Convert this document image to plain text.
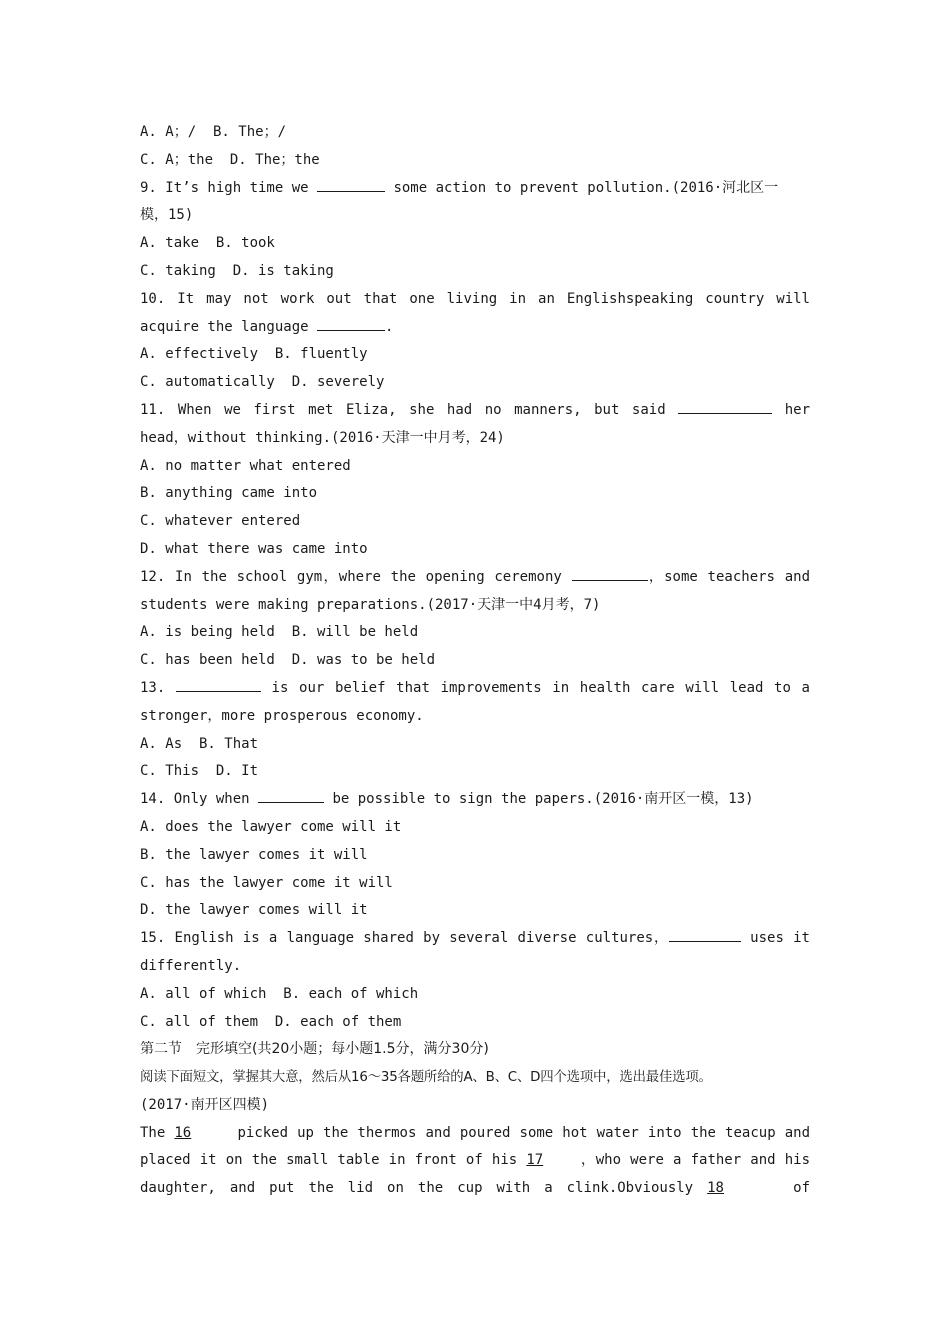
A. A；/  B. The；/
C. A；the  D. The；the
9. It’s high time we	some action to prevent pollution.(2016·河北区一
模，15)
A. take  B. took
C. taking  D. is taking
10. It may not work out that one living in an Englishspeaking country will
acquire the language	.
A. effectively  B. fluently
C. automatically  D. severely
11. When we first met Eliza, she had no manners, but said	her
head，without thinking.(2016·天津一中月考，24)
A. no matter what entered
B. anything came into
C. whatever entered
D. what there was came into
12. In the school gym，where the opening ceremony	，some teachers and
students were making preparations.(2017·天津一中4月考，7)
A. is being held  B. will be held
C. has been held  D. was to be held
13.	is our belief that improvements in health care will lead to a
stronger，more prosperous economy.
A. As  B. That
C. This  D. It
14. Only when	be possible to sign the papers.(2016·南开区一模，13)
A. does the lawyer come will it
B. the lawyer comes it will
C. has the lawyer come it will
D. the lawyer comes will it
15. English is a language shared by several diverse cultures，	uses it
differently.
A. all of which  B. each of which
C. all of them  D. each of them
第二节　完形填空(共20小题；每小题1.5分，满分30分)
阅读下面短文，掌握其大意，然后从16～35各题所给的A、B、C、D四个选项中，选出最佳选项。
(2017·南开区四模)
The 16	picked up the thermos and poured some hot water into the teacup and
placed it on the small table in front of his 17	，who were a father and his
daughter, and put the lid on the cup with a clink.Obviously 18	of
